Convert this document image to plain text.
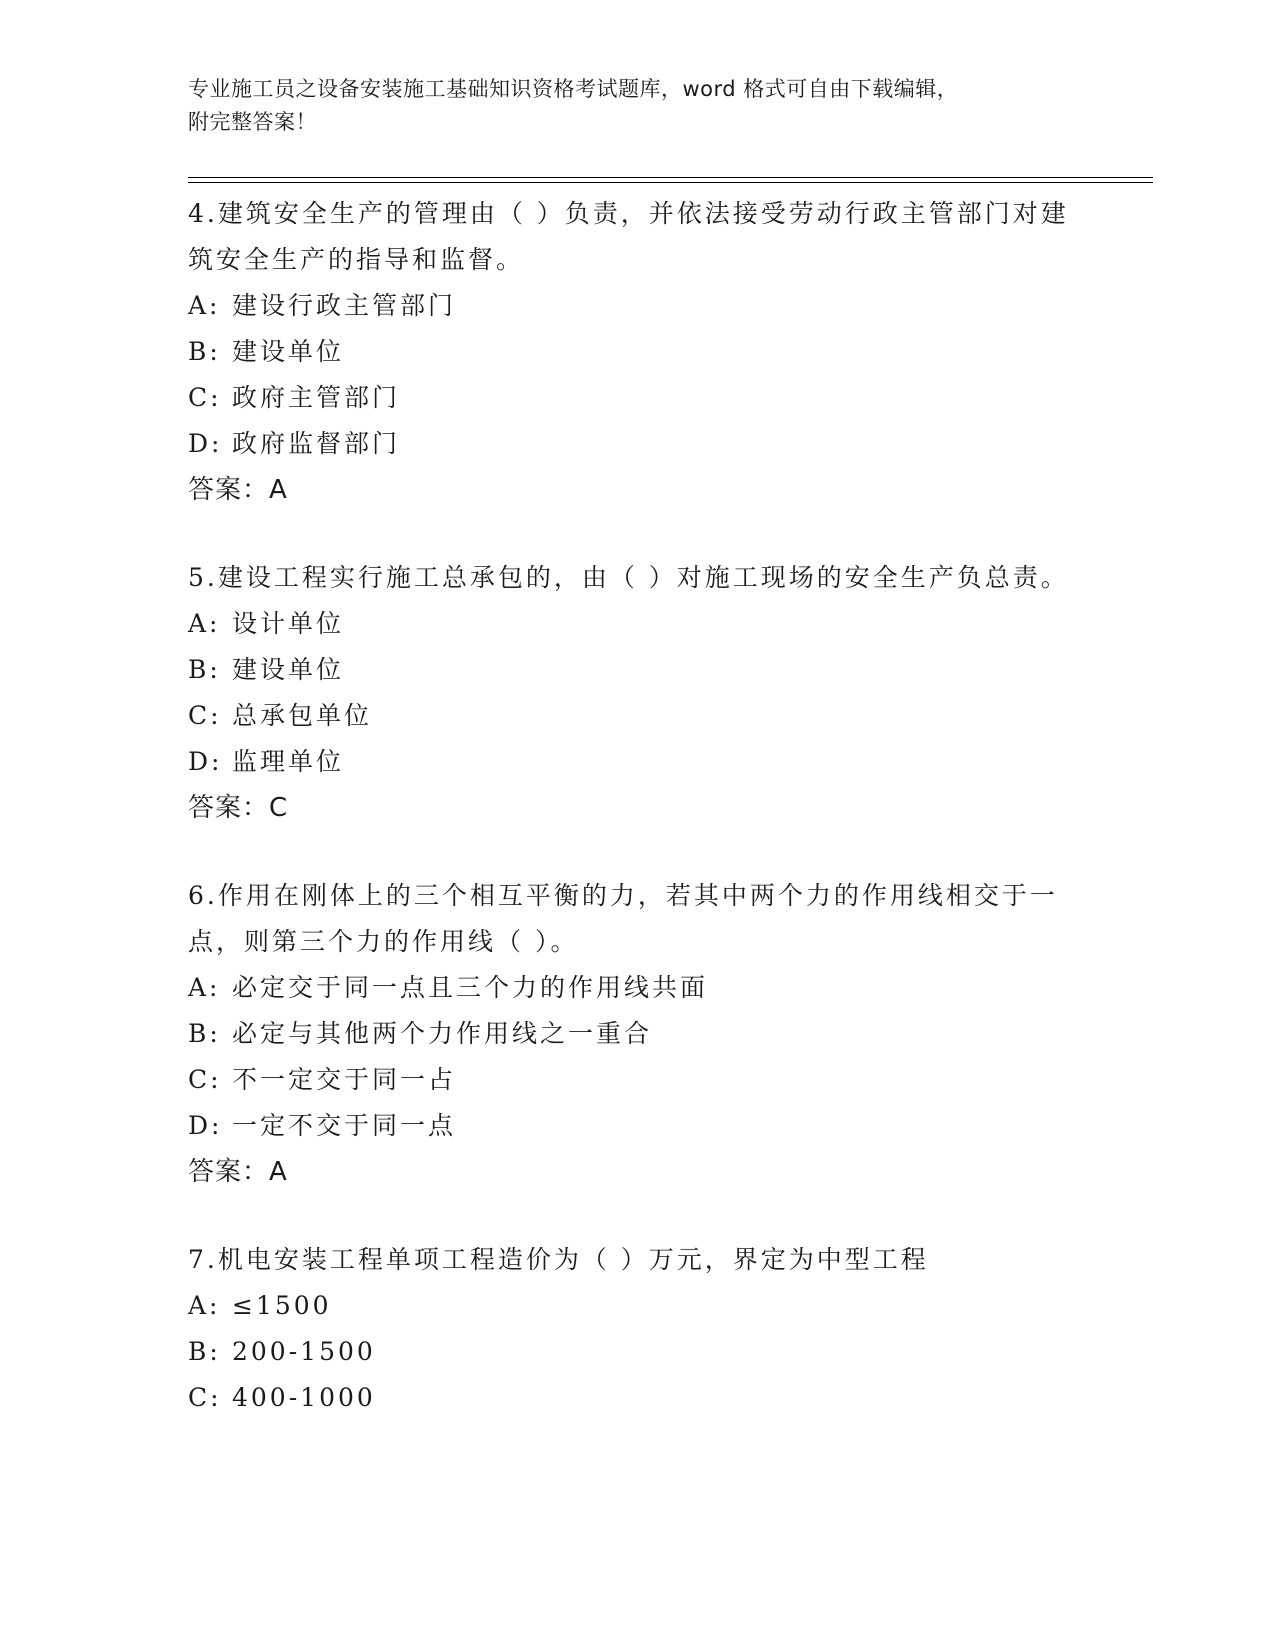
专业施工员之设备安装施工基础知识资格考试题库，word 格式可自由下载编辑，
附完整答案！

4.建筑安全生产的管理由（ ）负责，并依法接受劳动行政主管部门对建筑安全生产的指导和监督。

A: 建设行政主管部门
B: 建设单位
C: 政府主管部门
D: 政府监督部门
答案：A

5.建设工程实行施工总承包的，由（ ）对施工现场的安全生产负总责。

A: 设计单位
B: 建设单位
C: 总承包单位
D: 监理单位
答案：C

6.作用在刚体上的三个相互平衡的力，若其中两个力的作用线相交于一点，则第三个力的作用线（ ）。

A: 必定交于同一点且三个力的作用线共面
B: 必定与其他两个力作用线之一重合
C: 不一定交于同一占
D: 一定不交于同一点
答案：A

7.机电安装工程单项工程造价为（ ）万元，界定为中型工程

A: ≤1500
B: 200-1500
C: 400-1000
